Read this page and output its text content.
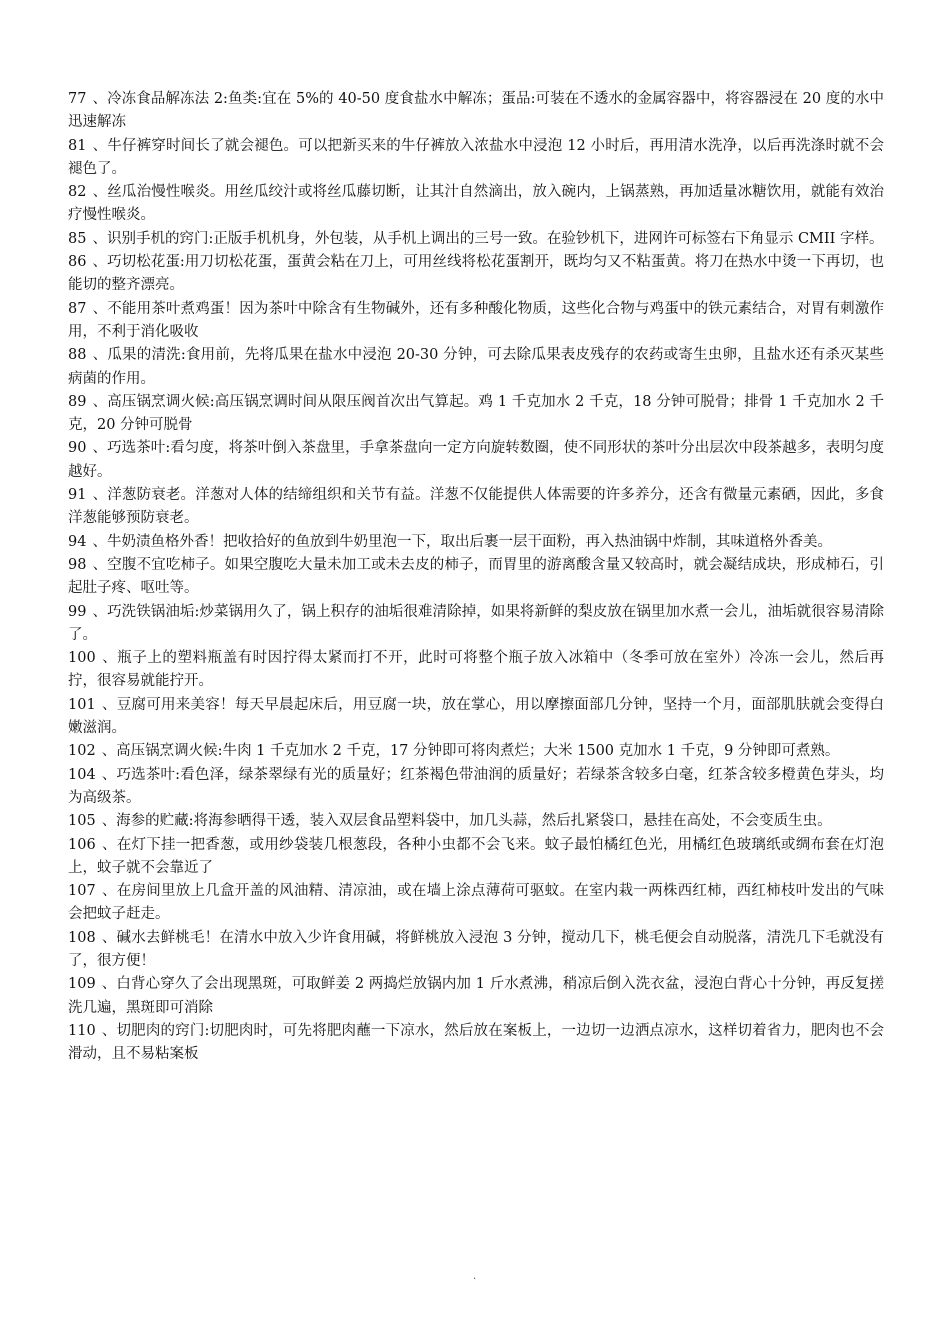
77 、冷冻食品解冻法 2:鱼类:宜在 5%的 40-50 度食盐水中解冻；蛋品:可装在不透水的金属容器中，将容器浸在 20 度的水中迅速解冻

81 、牛仔裤穿时间长了就会褪色。可以把新买来的牛仔裤放入浓盐水中浸泡 12 小时后，再用清水洗净，以后再洗涤时就不会褪色了。

82 、丝瓜治慢性喉炎。用丝瓜绞汁或将丝瓜藤切断，让其汁自然滴出，放入碗内，上锅蒸熟，再加适量冰糖饮用，就能有效治疗慢性喉炎。

85 、识别手机的窍门:正版手机机身，外包装，从手机上调出的三号一致。在验钞机下，进网许可标签右下角显示 CMII 字样。

86 、巧切松花蛋:用刀切松花蛋，蛋黄会粘在刀上，可用丝线将松花蛋割开，既均匀又不粘蛋黄。将刀在热水中烫一下再切，也能切的整齐漂亮。

87 、不能用茶叶煮鸡蛋！因为茶叶中除含有生物碱外，还有多种酸化物质，这些化合物与鸡蛋中的铁元素结合，对胃有刺激作用，不利于消化吸收

88 、瓜果的清洗:食用前，先将瓜果在盐水中浸泡 20-30 分钟，可去除瓜果表皮残存的农药或寄生虫卵，且盐水还有杀灭某些病菌的作用。

89 、高压锅烹调火候:高压锅烹调时间从限压阀首次出气算起。鸡 1 千克加水 2 千克，18 分钟可脱骨；排骨 1 千克加水 2 千克，20 分钟可脱骨

90 、巧选茶叶:看匀度，将茶叶倒入茶盘里，手拿茶盘向一定方向旋转数圈，使不同形状的茶叶分出层次中段茶越多，表明匀度越好。

91 、洋葱防衰老。洋葱对人体的结缔组织和关节有益。洋葱不仅能提供人体需要的许多养分，还含有微量元素硒，因此，多食洋葱能够预防衰老。

94 、牛奶渍鱼格外香！把收拾好的鱼放到牛奶里泡一下，取出后裹一层干面粉，再入热油锅中炸制，其味道格外香美。

98 、空腹不宜吃柿子。如果空腹吃大量未加工或未去皮的柿子，而胃里的游离酸含量又较高时，就会凝结成块，形成柿石，引起肚子疼、呕吐等。

99 、巧洗铁锅油垢:炒菜锅用久了，锅上积存的油垢很难清除掉，如果将新鲜的梨皮放在锅里加水煮一会儿，油垢就很容易清除了。

100 、瓶子上的塑料瓶盖有时因拧得太紧而打不开，此时可将整个瓶子放入冰箱中（冬季可放在室外）冷冻一会儿，然后再拧，很容易就能拧开。

101 、豆腐可用来美容！每天早晨起床后，用豆腐一块，放在掌心，用以摩擦面部几分钟，坚持一个月，面部肌肤就会变得白嫩滋润。

102 、高压锅烹调火候:牛肉 1 千克加水 2 千克，17 分钟即可将肉煮烂；大米 1500 克加水 1 千克，9 分钟即可煮熟。

104 、巧选茶叶:看色泽，绿茶翠绿有光的质量好；红茶褐色带油润的质量好；若绿茶含较多白毫，红茶含较多橙黄色芽头，均为高级茶。

105 、海参的贮藏:将海参晒得干透，装入双层食品塑料袋中，加几头蒜，然后扎紧袋口，悬挂在高处，不会变质生虫。

106 、在灯下挂一把香葱，或用纱袋装几根葱段，各种小虫都不会飞来。蚊子最怕橘红色光，用橘红色玻璃纸或绸布套在灯泡上，蚊子就不会靠近了

107 、在房间里放上几盒开盖的风油精、清凉油，或在墙上涂点薄荷可驱蚊。在室内栽一两株西红柿，西红柿枝叶发出的气味会把蚊子赶走。

108 、碱水去鲜桃毛！在清水中放入少许食用碱，将鲜桃放入浸泡 3 分钟，搅动几下，桃毛便会自动脱落，清洗几下毛就没有了，很方便！

109 、白背心穿久了会出现黑斑，可取鲜姜 2 两捣烂放锅内加 1 斤水煮沸，稍凉后倒入洗衣盆，浸泡白背心十分钟，再反复搓洗几遍，黑斑即可消除

110 、切肥肉的窍门:切肥肉时，可先将肥肉蘸一下凉水，然后放在案板上，一边切一边洒点凉水，这样切着省力，肥肉也不会滑动，且不易粘案板

.
